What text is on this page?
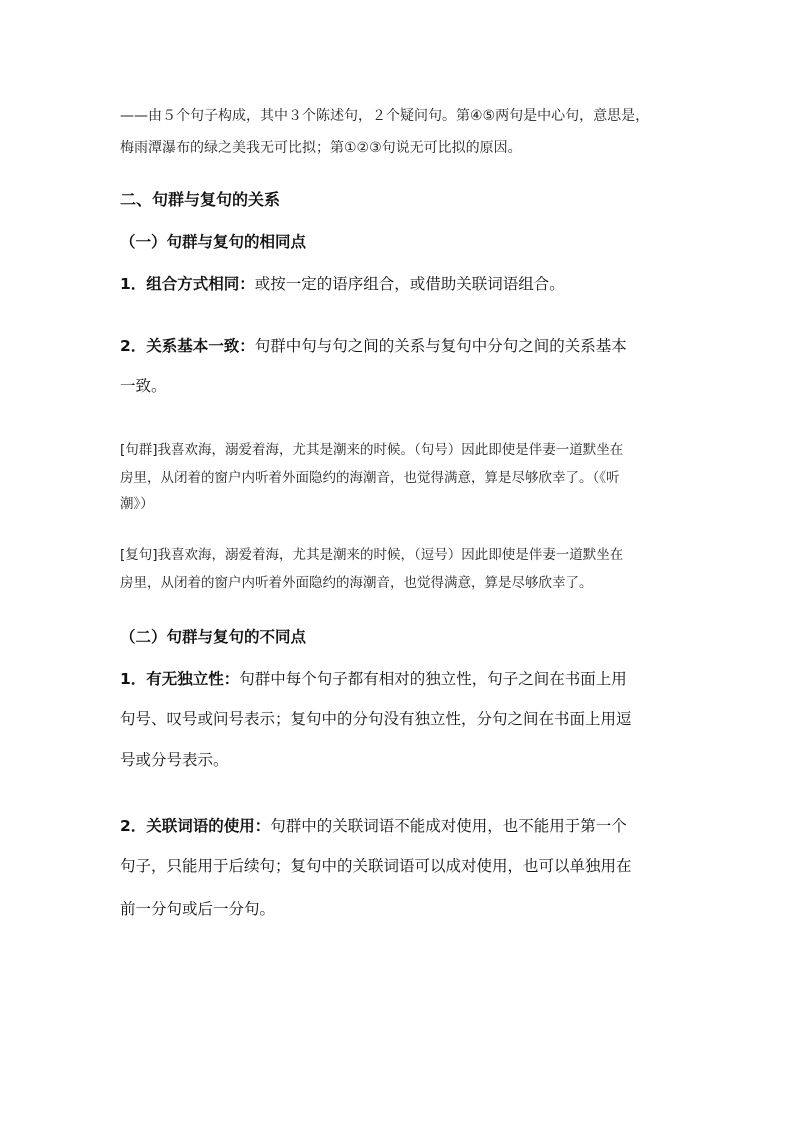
——由５个句子构成，其中３个陈述句，２个疑问句。第④⑤两句是中心句，意思是，
梅雨潭瀑布的绿之美我无可比拟；第①②③句说无可比拟的原因。
二、句群与复句的关系
（一）句群与复句的相同点
1．组合方式相同：或按一定的语序组合，或借助关联词语组合。
2．关系基本一致：句群中句与句之间的关系与复句中分句之间的关系基本
一致。
[句群]我喜欢海，溺爱着海，尤其是潮来的时候。（句号）因此即使是伴妻一道默坐在
房里，从闭着的窗户内听着外面隐约的海潮音，也觉得满意，算是尽够欣幸了。（《听
潮》）
[复句]我喜欢海，溺爱着海，尤其是潮来的时候，（逗号）因此即使是伴妻一道默坐在
房里，从闭着的窗户内听着外面隐约的海潮音，也觉得满意，算是尽够欣幸了。
（二）句群与复句的不同点
1．有无独立性：句群中每个句子都有相对的独立性，句子之间在书面上用
句号、叹号或问号表示；复句中的分句没有独立性，分句之间在书面上用逗
号或分号表示。
2．关联词语的使用：句群中的关联词语不能成对使用，也不能用于第一个
句子，只能用于后续句；复句中的关联词语可以成对使用，也可以单独用在
前一分句或后一分句。
